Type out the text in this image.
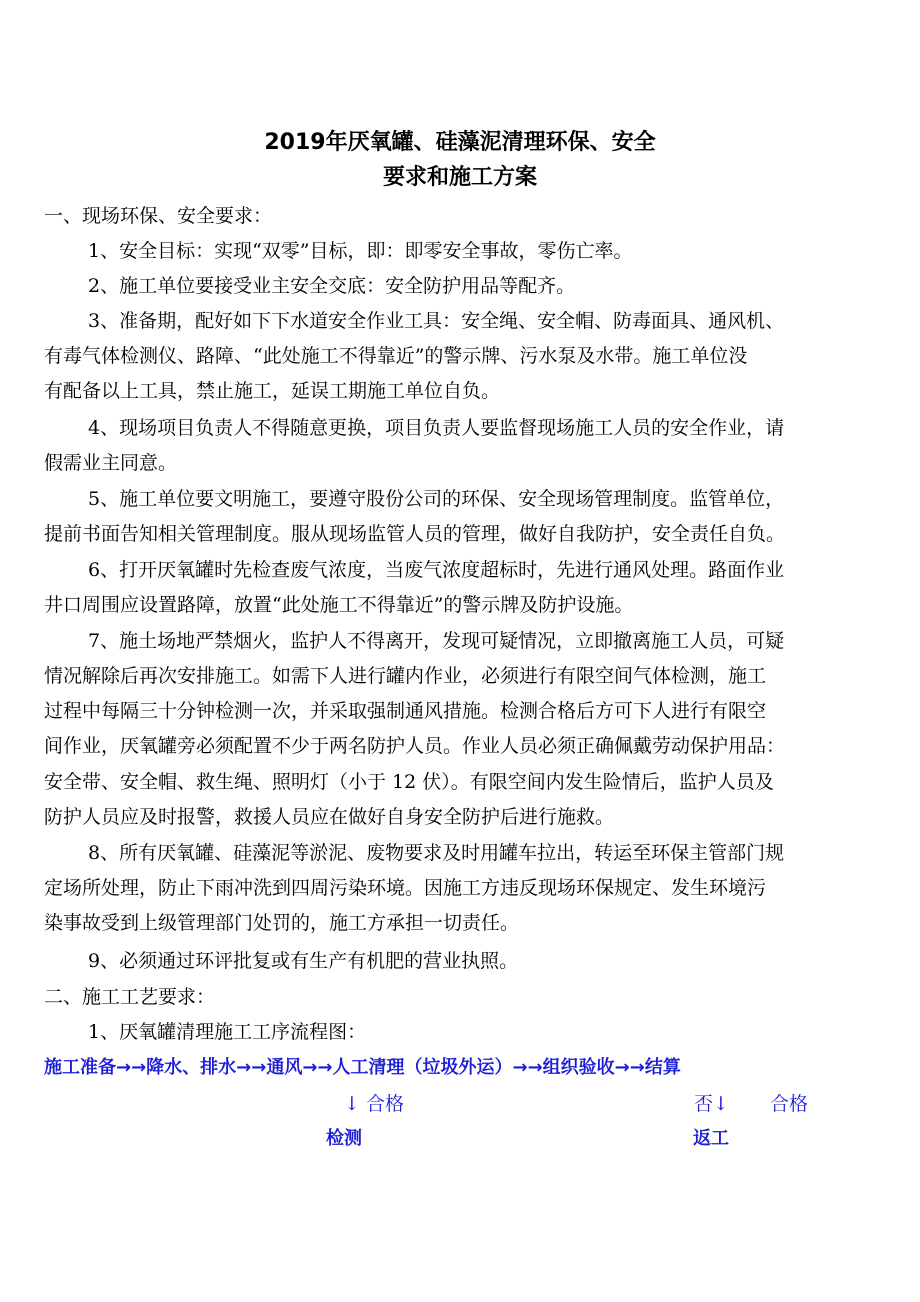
2019年厌氧罐、硅藻泥清理环保、安全
要求和施工方案
一、现场环保、安全要求：
1、安全目标：实现“双零”目标，即：即零安全事故，零伤亡率。
2、施工单位要接受业主安全交底：安全防护用品等配齐。
3、准备期，配好如下下水道安全作业工具：安全绳、安全帽、防毒面具、通风机、
有毒气体检测仪、路障、“此处施工不得靠近”的警示牌、污水泵及水带。施工单位没
有配备以上工具，禁止施工，延误工期施工单位自负。
4、现场项目负责人不得随意更换，项目负责人要监督现场施工人员的安全作业，请
假需业主同意。
5、施工单位要文明施工，要遵守股份公司的环保、安全现场管理制度。监管单位，
提前书面告知相关管理制度。服从现场监管人员的管理，做好自我防护，安全责任自负。
6、打开厌氧罐时先检查废气浓度，当废气浓度超标时，先进行通风处理。路面作业
井口周围应设置路障，放置“此处施工不得靠近”的警示牌及防护设施。
7、施土场地严禁烟火，监护人不得离开，发现可疑情况，立即撤离施工人员，可疑
情况解除后再次安排施工。如需下人进行罐内作业，必须进行有限空间气体检测，施工
过程中每隔三十分钟检测一次，并采取强制通风措施。检测合格后方可下人进行有限空
间作业，厌氧罐旁必须配置不少于两名防护人员。作业人员必须正确佩戴劳动保护用品：
安全带、安全帽、救生绳、照明灯（小于 12 伏）。有限空间内发生险情后，监护人员及
防护人员应及时报警，救援人员应在做好自身安全防护后进行施救。
8、所有厌氧罐、硅藻泥等淤泥、废物要求及时用罐车拉出，转运至环保主管部门规
定场所处理，防止下雨冲洗到四周污染环境。因施工方违反现场环保规定、发生环境污
染事故受到上级管理部门处罚的，施工方承担一切责任。
9、必须通过环评批复或有生产有机肥的营业执照。
二、施工工艺要求：
1、厌氧罐清理施工工序流程图：
施工准备→→降水、排水→→通风→→人工清理（垃圾外运）→→组织验收→→结算
↓ 合格	否↓ 合格
检测	返工
